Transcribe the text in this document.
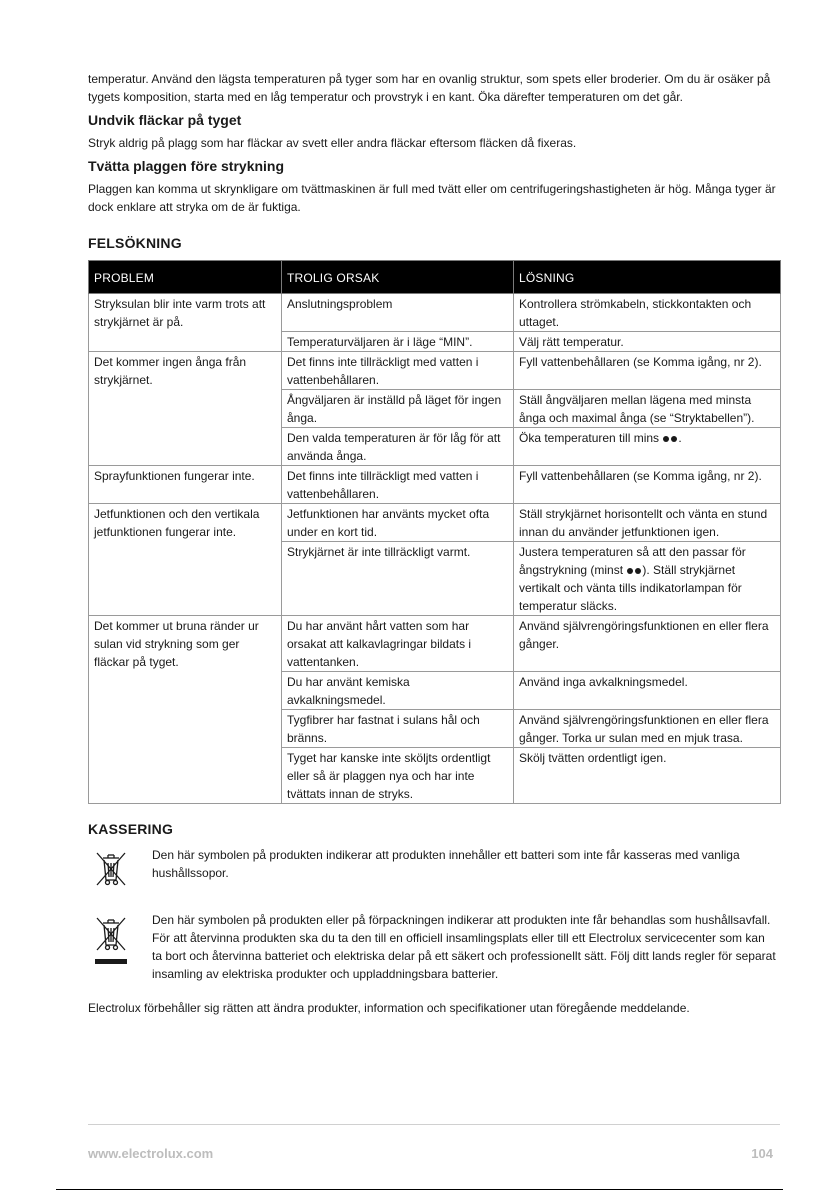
temperatur. Använd den lägsta temperaturen på tyger som har en ovanlig struktur, som spets eller broderier. Om du är osäker på tygets komposition, starta med en låg temperatur och provstryk i en kant. Öka därefter temperaturen om det går.

Undvik fläckar på tyget

Stryk aldrig på plagg som har fläckar av svett eller andra fläckar eftersom fläcken då fixeras.

Tvätta plaggen före strykning

Plaggen kan komma ut skrynkligare om tvättmaskinen är full med tvätt eller om centrifugeringshastigheten är hög. Många tyger är dock enklare att stryka om de är fuktiga.

FELSÖKNING
PROBLEM	TROLIG ORSAK	LÖSNING
Stryksulan blir inte varm trots att strykjärnet är på.	Anslutningsproblem	Kontrollera strömkabeln, stickkontakten och uttaget.
	Temperaturväljaren är i läge “MIN”.	Välj rätt temperatur.
Det kommer ingen ånga från strykjärnet.	Det finns inte tillräckligt med vatten i vattenbehållaren.	Fyll vattenbehållaren (se Komma igång, nr 2).
	Ångväljaren är inställd på läget för ingen ånga.	Ställ ångväljaren mellan lägena med minsta ånga och maximal ånga (se “Stryktabellen”).
	Den valda temperaturen är för låg för att använda ånga.	Öka temperaturen till mins .
Sprayfunktionen fungerar inte.	Det finns inte tillräckligt med vatten i vattenbehållaren.	Fyll vattenbehållaren (se Komma igång, nr 2).
Jetfunktionen och den vertikala jetfunktionen fungerar inte.	Jetfunktionen har använts mycket ofta under en kort tid.	Ställ strykjärnet horisontellt och vänta en stund innan du använder jetfunktionen igen.
	Strykjärnet är inte tillräckligt varmt.	Justera temperaturen så att den passar för ångstrykning (minst ). Ställ strykjärnet vertikalt och vänta tills indikatorlampan för temperatur släcks.
Det kommer ut bruna ränder ur sulan vid strykning som ger fläckar på tyget.	Du har använt hårt vatten som har orsakat att kalkavlagringar bildats i vattentanken.	Använd självrengöringsfunktionen en eller flera gånger.
	Du har använt kemiska avkalkningsmedel.	Använd inga avkalkningsmedel.
	Tygfibrer har fastnat i sulans hål och bränns.	Använd självrengöringsfunktionen en eller flera gånger. Torka ur sulan med en mjuk trasa.
	Tyget har kanske inte sköljts ordentligt eller så är plaggen nya och har inte tvättats innan de stryks.	Skölj tvätten ordentligt igen.
KASSERING

Den här symbolen på produkten indikerar att produkten innehåller ett batteri som inte får kasseras med vanliga hushållssopor.

Den här symbolen på produkten eller på förpackningen indikerar att produkten inte får behandlas som hushållsavfall. För att återvinna produkten ska du ta den till en officiell insamlingsplats eller till ett Electrolux servicecenter som kan ta bort och återvinna batteriet och elektriska delar på ett säkert och professionellt sätt. Följ ditt lands regler för separat insamling av elektriska produkter och uppladdningsbara batterier.

Electrolux förbehåller sig rätten att ändra produkter, information och specifikationer utan föregående meddelande.

www.electrolux.com	104
